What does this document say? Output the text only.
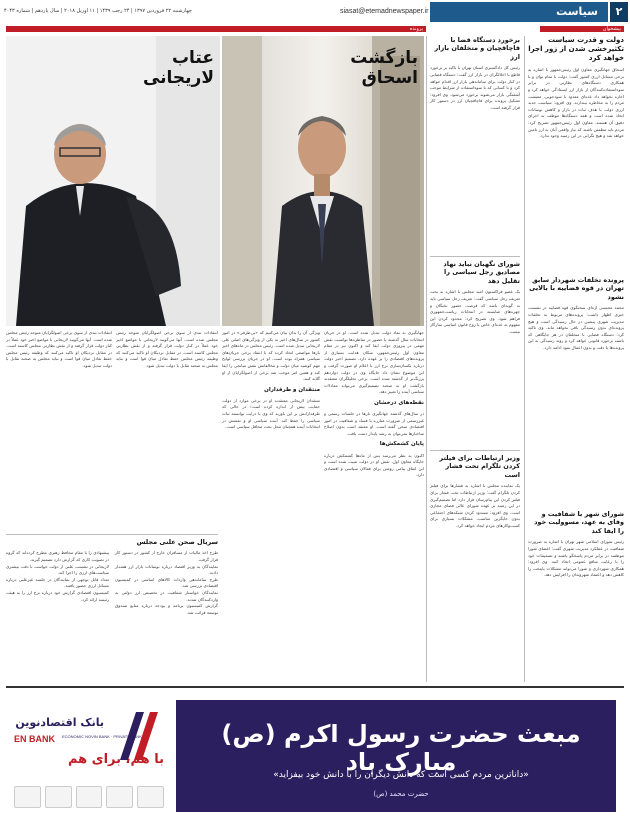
چهارشنبه ۲۲ فروردین ۱۳۹۷ | ۲۴ رجب ۱۴۳۹ | ۱۱ آوریل ۲۰۱۸ | سال یازدهم | شماره ۴۰۴۳	siasat@etemadnewspaper.ir	سیاست	۲
پیشخوان
پرونده
دولت و قدرت سیاست تکثیرخشی شدن از زور اجرا خواهد کرد
اسحاق جهانگیری معاون اول رئیس‌جمهور با اشاره به برخی مسائل ارزی کشور گفت: دولت با تمام توان و با همکاری دستگاه‌های نظارتی در برابر سوءاستفاده‌کنندگان از بازار ارز ایستادگی خواهد کرد و اجازه نخواهد داد عده‌ای معدود با سودجویی، معیشت مردم را به مخاطره بیندازند. وی افزود: سیاست جدید ارزی دولت با هدف ثبات در بازار و کاهش نوسانات اتخاذ شده است و همه دستگاه‌ها موظف به اجرای دقیق آن هستند. معاون اول رئیس‌جمهور تصریح کرد: مردم باید مطمئن باشند که نیاز واقعی آنان به ارز تامین خواهد شد و هیچ نگرانی در این زمینه وجود ندارد.
پرونده تخلفات شهردار سابق تهران در قوه قضاییه با بالایی نشود
محمد محسنی اژه‌ای سخنگوی قوه قضاییه در نشست خبری اظهار داشت: پرونده‌های مربوط به تخلفات مدیریت شهری پیشین در حال رسیدگی است و هیچ پرونده‌ای بدون رسیدگی باقی نخواهد ماند. وی تاکید کرد: دستگاه قضایی با متخلفان در هر جایگاهی که باشند برخورد قانونی خواهد کرد و روند رسیدگی به این پرونده‌ها با دقت و بدون اعمال نفوذ ادامه دارد.
شورای شهر با شفافیت و وفای به عهد، مسوولیت خود را ایفا کند
رئیس شورای اسلامی شهر تهران با اشاره به ضرورت شفافیت در عملکرد مدیریت شهری گفت: اعضای شورا موظفند در برابر مردم پاسخگو باشند و تصمیمات خود را با رعایت منافع عمومی اتخاذ کنند. وی افزود: همکاری شهرداری و شورا می‌تواند مشکلات پایتخت را کاهش دهد و اعتماد شهروندان را افزایش دهد.
برخورد دستگاه قضا با قاچاقچیان و متخلفان بازار ارز
رئیس کل دادگستری استان تهران با تاکید بر برخورد قاطع با اخلالگران در بازار ارز گفت: دستگاه قضایی در کنار دولت برای ساماندهی بازار ارز اقدام خواهد کرد و با کسانی که با سوءاستفاده از شرایط موجب آشفتگی بازار می‌شوند برخورد می‌شود. وی افزود: تشکیل پرونده برای قاچاقچیان ارز در دستور کار قرار گرفته است.
شورای نگهبان نباید نهاد مصادیق رجل سیاسی را تقلیل دهد
یک عضو فراکسیون امید مجلس با اشاره به بحث تعریف رجل سیاسی گفت: تعریف رجل سیاسی باید به گونه‌ای باشد که فرصت حضور نخبگان و چهره‌های شایسته در انتخابات ریاست‌جمهوری فراهم شود. وی تصریح کرد: محدود کردن این مفهوم به عده‌ای خاص با روح قانون اساسی سازگار نیست.
وزیر ارتباطات برای فیلتر کردن تلگرام تحت فشار است
یک نماینده مجلس با اشاره به فشارها برای فیلتر کردن تلگرام گفت: وزیر ارتباطات تحت فشار برای فیلتر کردن این پیام‌رسان قرار دارد اما تصمیم‌گیری در این زمینه بر عهده شورای عالی فضای مجازی است. وی افزود: مسدود کردن شبکه‌های اجتماعی بدون جایگزین مناسب، مشکلات بسیاری برای کسب‌وکارهای مردم ایجاد خواهد کرد.
بازگشت اسحاق
عتاب لاریجانی
جهانگیری به نماد دولت تبدیل شده است. او در جریان انتخابات سال گذشته با حضور در مناظره‌ها توانست نقش مهمی در پیروزی دولت ایفا کند و اکنون نیز در مقام معاون اول رئیس‌جمهور، سکان هدایت بسیاری از پرونده‌های اقتصادی را بر عهده دارد. تصمیم اخیر دولت درباره یکسان‌سازی نرخ ارز با اعلام او صورت گرفت و این موضوع نشان داد جایگاه وی در دولت دوازدهم پررنگ‌تر از گذشته شده است. برخی تحلیلگران معتقدند بازگشت او به صحنه تصمیم‌گیری می‌تواند معادلات سیاسی آینده را تغییر دهد.
نقطه‌های درخشان
در سال‌های گذشته جهانگیری بارها در جلسات رسمی و غیررسمی از ضرورت مبارزه با فساد و شفافیت در امور اقتصادی سخن گفته است. او معتقد است بدون اصلاح ساختارها نمی‌توان به رشد پایدار دست یافت.
پایان کشمکش‌ها
اکنون به نظر می‌رسد پس از ماه‌ها کشمکش درباره جایگاه معاون اول، نقش او در دولت تثبیت شده است و این اتفاق پیامی روشن برای فعالان سیاسی و اقتصادی دارد.
ویژگی آن را بدان بیان می‌کنیم که «بی‌طرفی» در امور کشور در سال‌های اخیر به یکی از ویژگی‌های اصلی علی لاریجانی تبدیل شده است. رئیس مجلس در ماه‌های اخیر بارها مواضعی اتخاذ کرده که با انتقاد برخی جریان‌های سیاسی همراه بوده است. او در جریان بررسی لوایح مهم کوشید میان دولت و مخالفانش نقش میانجی را ایفا کند و همین امر موجب شد برخی از اصولگرایان از او گلایه کنند.
منتقدان و طرفداران
منتقدان لاریجانی معتقدند او در برخی موارد از دولت حمایت بیش از اندازه کرده است؛ در حالی که طرفدارانش بر این باورند که وی با درایت توانسته ثبات سیاسی را حفظ کند. آینده سیاسی او و نقشش در انتخابات آینده همچنان محل بحث محافل سیاسی است.
انتقادات تندی از سوی برخی اصولگرایان متوجه رئیس مجلس شده است. آنها می‌گویند لاریجانی با مواضع اخیر خود عملاً در کنار دولت قرار گرفته و از نقش نظارتی مجلس کاسته است. در مقابل نزدیکان او تاکید می‌کنند که وظیفه رئیس مجلس حفظ تعادل میان قوا است و نباید مجلس به صحنه تقابل با دولت تبدیل شود.
انتقادات تندی از سوی برخی اصولگرایان متوجه رئیس مجلس شده است. آنها می‌گویند لاریجانی با مواضع اخیر خود عملاً در کنار دولت قرار گرفته و از نقش نظارتی مجلس کاسته است. در مقابل نزدیکان او تاکید می‌کنند که وظیفه رئیس مجلس حفظ تعادل میان قوا است و نباید مجلس به صحنه تقابل با دولت تبدیل شود.
سریال صحن علنی مجلس
طرح اخذ مالیات از مسافران خارج از کشور در دستور کار قرار گرفت.
نمایندگان به وزیر اقتصاد درباره نوسانات بازار ارز هشدار دادند.
طرح ساماندهی واردات کالاهای اساسی در کمیسیون اقتصادی بررسی شد.
نمایندگان خواستار شفافیت در تخصیص ارز دولتی به واردکنندگان شدند.
گزارش کمیسیون برنامه و بودجه درباره منابع صندوق توسعه قرائت شد.
پیشنهادی را با مقام محافظ رهبری مطرح کرده‌اند که گروه در تصویب کاری که گزارش دارد تصمیم گیرند.
لاریجانی در نشست علنی از دولت خواست با دقت بیشتری سیاست‌های ارزی را اجرا کند.
تعداد قابل توجهی از نمایندگان در جلسه غیرعلنی درباره مسائل ارزی حضور یافتند.
کمیسیون اقتصادی گزارش خود درباره نرخ ارز را به هیئت رئیسه ارائه کرد.
مبعث حضرت رسول اکرم (ص) مبارک باد
«داناترین مردم کسی است که دانش دیگران را با دانش خود بیفزاید»
حضرت محمد (ص)
بانک اقتصادنوین
EN BANK ECONOMIC NOVIN BANK · PRIVATE BANK
با هم، برای هم
